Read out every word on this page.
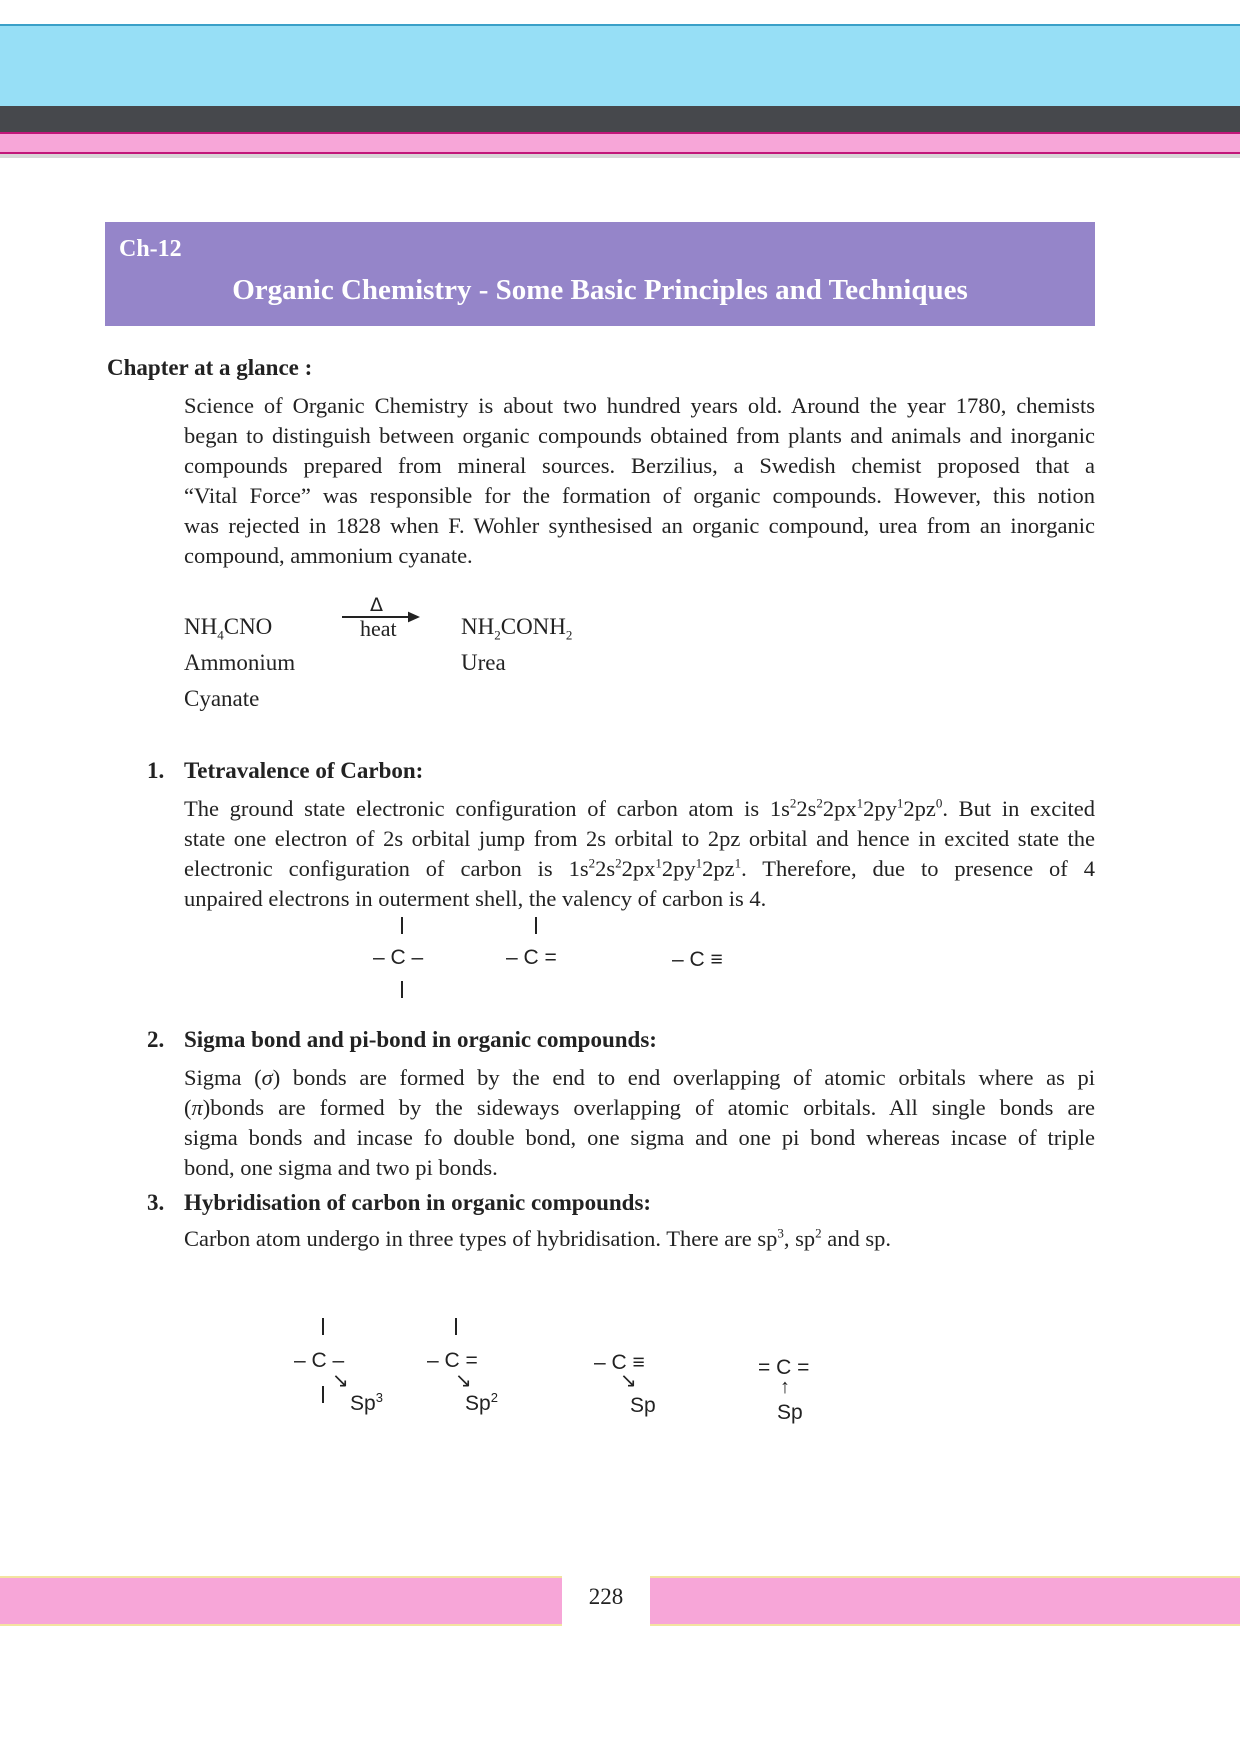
Ch-12
Organic Chemistry - Some Basic Principles and Techniques
Chapter at a glance :
Science of Organic Chemistry is about two hundred years old. Around the year 1780, chemists
began to distinguish between organic compounds obtained from plants and animals and inorganic
compounds prepared from mineral sources. Berzilius, a Swedish chemist proposed that a
“Vital Force” was responsible for the formation of organic compounds. However, this notion
was rejected in 1828 when F. Wohler synthesised an organic compound, urea from an inorganic
compound, ammonium cyanate.
$NH_4CNO$
Ammonium
Cyanate
Δ
heat	$NH_2CONH_2$
Urea
1. Tetravalence of Carbon:
The ground state electronic configuration of carbon atom is $1s^22s^22px^12py^12pz^0$. But in excited
state one electron of 2s orbital jump from 2s orbital to 2pz orbital and hence in excited state the
electronic configuration of carbon is $1s^22s^22px^12py^12pz^1$. Therefore, due to presence of 4
unpaired electrons in outerment shell, the valency of carbon is 4.
– C –	– C =	– C ≡
2. Sigma bond and pi-bond in organic compounds:
Sigma (σ) bonds are formed by the end to end overlapping of atomic orbitals where as pi
(π)bonds are formed by the sideways overlapping of atomic orbitals. All single bonds are
sigma bonds and incase fo double bond, one sigma and one pi bond whereas incase of triple
bond, one sigma and two pi bonds.
3. Hybridisation of carbon in organic compounds:
Carbon atom undergo in three types of hybridisation. There are $sp^3$, $sp^2$ and sp.
– C –
↘
Sp$^3$
– C =
↘
Sp$^2$
– C ≡
↘
Sp
= C =
↑
Sp
228
